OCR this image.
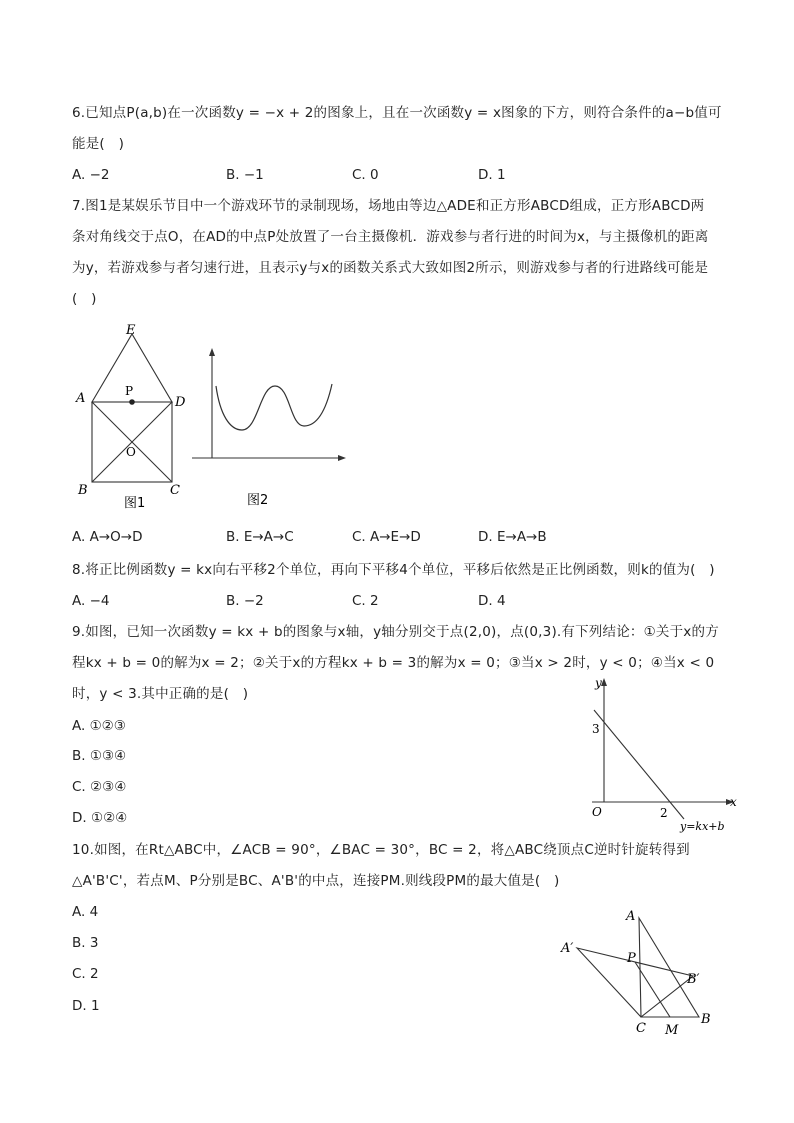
6.已知点P(a,b)在一次函数y = −x + 2的图象上，且在一次函数y = x图象的下方，则符合条件的a−b值可
能是(　)
A. −2	B. −1	C. 0	D. 1
7.图1是某娱乐节目中一个游戏环节的录制现场，场地由等边△ADE和正方形ABCD组成，正方形ABCD两
条对角线交于点O，在AD的中点P处放置了一台主摄像机．游戏参与者行进的时间为x，与主摄像机的距离
为y，若游戏参与者匀速行进，且表示y与x的函数关系式大致如图2所示，则游戏参与者的行进路线可能是
(　)
E
A	P
D
O
B	C
图1	图2
A. A→O→D	B. E→A→C	C. A→E→D	D. E→A→B
8.将正比例函数y = kx向右平移2个单位，再向下平移4个单位，平移后依然是正比例函数，则k的值为(　)
A. −4	B. −2	C. 2	D. 4
9.如图，已知一次函数y = kx + b的图象与x轴，y轴分别交于点(2,0)，点(0,3).有下列结论：①关于x的方
程kx + b = 0的解为x = 2；②关于x的方程kx + b = 3的解为x = 0；③当x > 2时，y < 0；④当x < 0
时，y < 3.其中正确的是(　)
A. ①②③
B. ①③④
C. ②③④
D. ①②④
y
x
3
2
O
y=kx+b
10.如图，在Rt△ABC中，∠ACB = 90°，∠BAC = 30°，BC = 2，将△ABC绕顶点C逆时针旋转得到
△A'B'C'，若点M、P分别是BC、A'B'的中点，连接PM.则线段PM的最大值是(　)
A. 4
B. 3
C. 2
D. 1
A
A′
P
B′
C M
B
